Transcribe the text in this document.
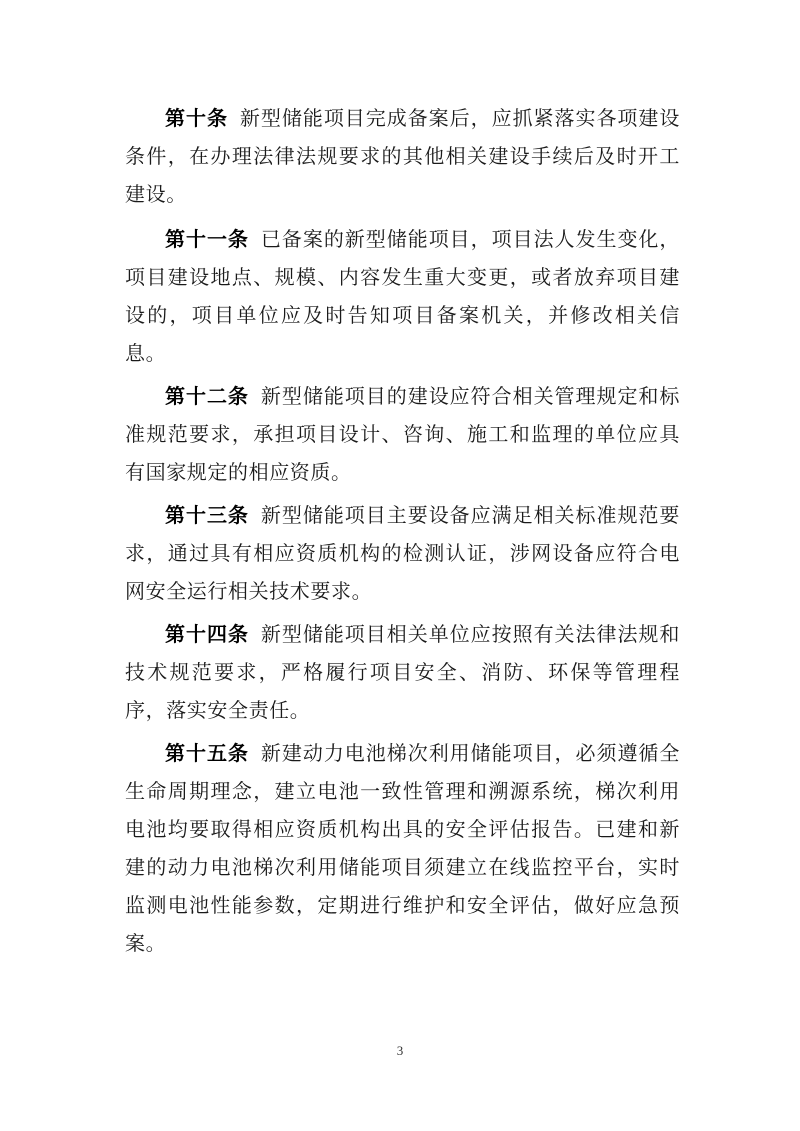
第十条 新型储能项目完成备案后，应抓紧落实各项建设条件，在办理法律法规要求的其他相关建设手续后及时开工建设。

第十一条 已备案的新型储能项目，项目法人发生变化，项目建设地点、规模、内容发生重大变更，或者放弃项目建设的，项目单位应及时告知项目备案机关，并修改相关信息。

第十二条 新型储能项目的建设应符合相关管理规定和标准规范要求，承担项目设计、咨询、施工和监理的单位应具有国家规定的相应资质。

第十三条 新型储能项目主要设备应满足相关标准规范要求，通过具有相应资质机构的检测认证，涉网设备应符合电网安全运行相关技术要求。

第十四条 新型储能项目相关单位应按照有关法律法规和技术规范要求，严格履行项目安全、消防、环保等管理程序，落实安全责任。

第十五条 新建动力电池梯次利用储能项目，必须遵循全生命周期理念，建立电池一致性管理和溯源系统，梯次利用电池均要取得相应资质机构出具的安全评估报告。已建和新建的动力电池梯次利用储能项目须建立在线监控平台，实时监测电池性能参数，定期进行维护和安全评估，做好应急预案。

3
